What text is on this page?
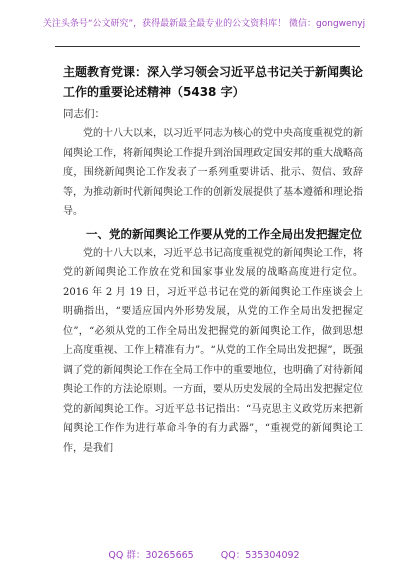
关注头条号“公文研究”，获得最新最全最专业的公文资料库！ 微信：gongwenyj

主题教育党课：深入学习领会习近平总书记关于新闻舆论工作的重要论述精神（5438 字）

同志们：

党的十八大以来，以习近平同志为核心的党中央高度重视党的新闻舆论工作，将新闻舆论工作提升到治国理政定国安邦的重大战略高度，围绕新闻舆论工作发表了一系列重要讲话、批示、贺信、致辞等，为推动新时代新闻舆论工作的创新发展提供了基本遵循和理论指导。

一、党的新闻舆论工作要从党的工作全局出发把握定位

党的十八大以来，习近平总书记高度重视党的新闻舆论工作，将党的新闻舆论工作放在党和国家事业发展的战略高度进行定位。2016 年 2 月 19 日，习近平总书记在党的新闻舆论工作座谈会上明确指出，“要适应国内外形势发展，从党的工作全局出发把握定位”，“必须从党的工作全局出发把握党的新闻舆论工作，做到思想上高度重视、工作上精准有力”。“从党的工作全局出发把握”，既强调了党的新闻舆论工作在全局工作中的重要地位，也明确了对待新闻舆论工作的方法论原则。一方面，要从历史发展的全局出发把握定位党的新闻舆论工作。习近平总书记指出：“马克思主义政党历来把新闻舆论工作作为进行革命斗争的有力武器”，“重视党的新闻舆论工作，是我们

QQ 群：30265665	QQ：535304092
